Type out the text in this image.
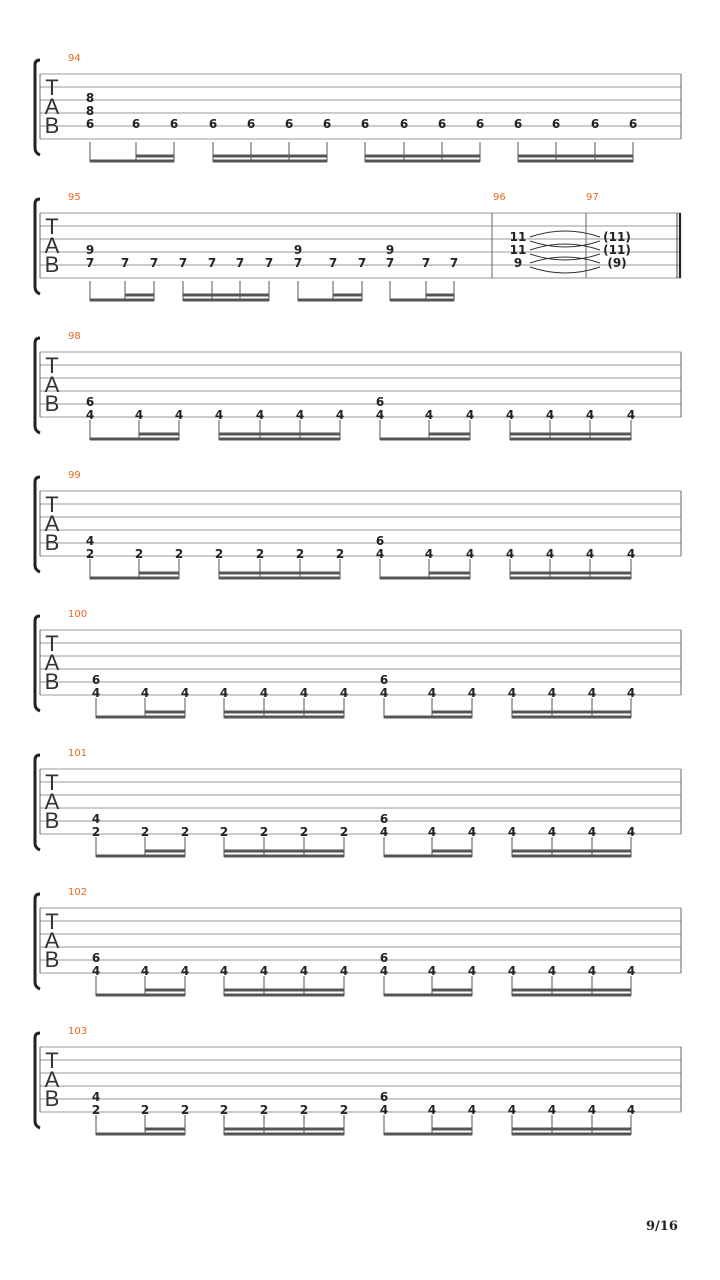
T
A
B
94
8
8
6	6 6	6 6 6 6 6	6 6 6 6 6	6 6
T
A
B
95
9
7 7 7 7 7 7 7
9
7 7 7
9
7 7 7
96
11
11
9
97
(11)
(11)
(9)
T
A
B
98
6
4	4	4	4	4	4	4
6
4	4	4	4	4	4	4
T
A
B
99
4
2	2	2	2	2	2	2
6
4	4	4	4	4	4	4
T
A
B
100
6
4	4	4	4	4	4	4
6
4	4	4	4	4	4	4
T
A
B
101
4
2	2	2	2	2	2	2
6
4	4	4	4	4	4	4
T
A
B
102
6
4	4	4	4	4	4	4
6
4	4	4	4	4	4	4
T
A
B
103
4
2	2	2	2	2	2	2
6
4	4	4	4	4	4	4
9/16
